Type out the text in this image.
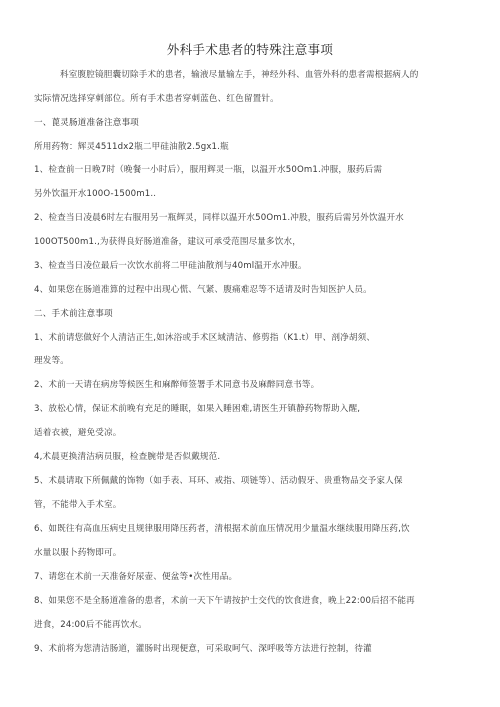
外科手术患者的特殊注意事项
科室腹腔镜胆囊切除手术的患者，输液尽量输左手，神经外科、血管外科的患者需根据病人的
实际情况选择穿刺部位。所有手术患者穿刺蓝色、红色留置针。
一、蓖灵肠道准备注意事项
所用药物：辉灵4511dx2瓶二甲硅油散2.5gx1.瓶
1、检查前一日晚7时（晚餐一小时后），服用辉灵一瓶，以温开水50Om1.冲服，服药后需
另外饮温开水100O-1500m1..
2、检查当日凌晨6时左右服用另一瓶辉灵，同样以温开水50Om1.冲股，服药后需另外饮温开水
100OT500m1.,为获得良好肠道准备，建议可承受范围尽量多饮水，
3、检查当日凌位最后一次饮水前将二甲硅油散剂与40ml温开水冲服。
4、如果您在肠道准算的过程中出现心慌、气紧、腹痛难忍等不适请及时告知医护人员。
二、手术前注意事项
1、术前请您做好个人清洁正生,如沐浴或手术区域清洁、修剪指（K1.t）甲、剖净胡须、
理发等。
2、术前一天请在病房等候医生和麻醉师签署手术同意书及麻醉同意书等。
3、放松心情，保证术前晚有充足的睡眠，如果入睡困难,请医生开镇静药物帮助入醒,
适着衣被，避免受凉。
4,术晨更换清洁病员服，检查腕带是否似戴规范.
5、术晨请取下所佩戴的饰物（如手表、耳环、戒指、项链等）、活动假牙、贵重物品交予家人保
管，不能带入手术室。
6、如既往有高血压病史且规律服用降压药者，清根据术前血压情况用少量温水继续服用降压药,饮
水量以服卜药物即可。
7、请您在术前一天准备好尿壶、便盆等•次性用品。
8、如果您不是全肠道准备的患者，术前一天下午请按护士交代的饮食进食，晚上22:00后招不能再
进食，24:00后不能再饮水。
9、术前将为您清洁肠道，灌肠时出现便意，可采取呵气、深呼吸等方法进行控制，待灌
